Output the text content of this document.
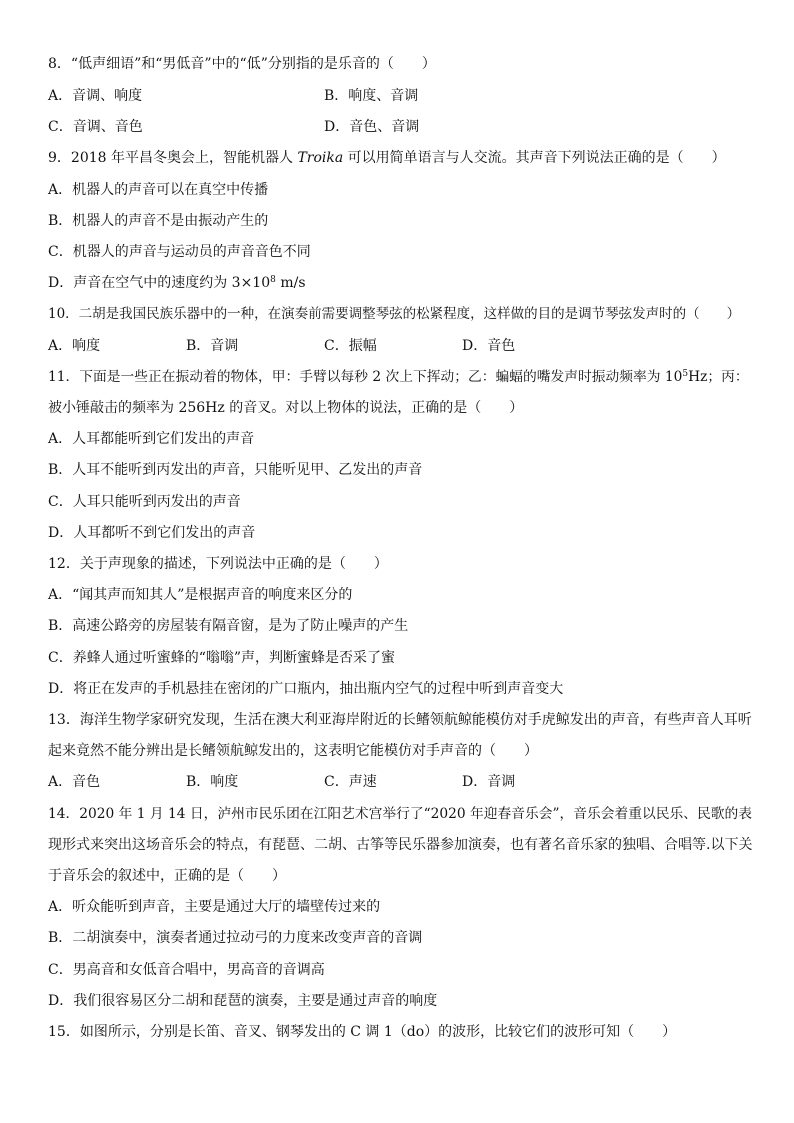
8．“低声细语”和“男低音”中的“低”分别指的是乐音的（　　）
A．音调、响度	B．响度、音调
C．音调、音色	D．音色、音调
9．2018 年平昌冬奥会上，智能机器人 Troika 可以用简单语言与人交流。其声音下列说法正确的是（　　）
A．机器人的声音可以在真空中传播
B．机器人的声音不是由振动产生的
C．机器人的声音与运动员的声音音色不同
D．声音在空气中的速度约为 $3\times 10^8$ m/s
10．二胡是我国民族乐器中的一种，在演奏前需要调整琴弦的松紧程度，这样做的目的是调节琴弦发声时的（　　）
A．响度	B．音调	C．振幅	D．音色
11．下面是一些正在振动着的物体，甲：手臂以每秒 2 次上下挥动；乙：蝙蝠的嘴发声时振动频率为 $10^5Hz$；丙：
被小锤敲击的频率为 256Hz 的音叉。对以上物体的说法，正确的是（　　）
A．人耳都能听到它们发出的声音
B．人耳不能听到丙发出的声音，只能听见甲、乙发出的声音
C．人耳只能听到丙发出的声音
D．人耳都听不到它们发出的声音
12．关于声现象的描述，下列说法中正确的是（　　）
A．“闻其声而知其人”是根据声音的响度来区分的
B．高速公路旁的房屋装有隔音窗，是为了防止噪声的产生
C．养蜂人通过听蜜蜂的“嗡嗡”声，判断蜜蜂是否采了蜜
D．将正在发声的手机悬挂在密闭的广口瓶内，抽出瓶内空气的过程中听到声音变大
13．海洋生物学家研究发现，生活在澳大利亚海岸附近的长鳍领航鲸能模仿对手虎鲸发出的声音，有些声音人耳听
起来竟然不能分辨出是长鳍领航鲸发出的，这表明它能模仿对手声音的（　　）
A．音色	B．响度	C．声速	D．音调
14．2020 年 1 月 14 日，泸州市民乐团在江阳艺术宫举行了“2020 年迎春音乐会”，音乐会着重以民乐、民歌的表
现形式来突出这场音乐会的特点，有琵琶、二胡、古筝等民乐器参加演奏，也有著名音乐家的独唱、合唱等.以下关
于音乐会的叙述中，正确的是（　　）
A．听众能听到声音，主要是通过大厅的墙壁传过来的
B．二胡演奏中，演奏者通过拉动弓的力度来改变声音的音调
C．男高音和女低音合唱中，男高音的音调高
D．我们很容易区分二胡和琵琶的演奏，主要是通过声音的响度
15．如图所示，分别是长笛、音叉、钢琴发出的 C 调 1（do）的波形，比较它们的波形可知（　　）
